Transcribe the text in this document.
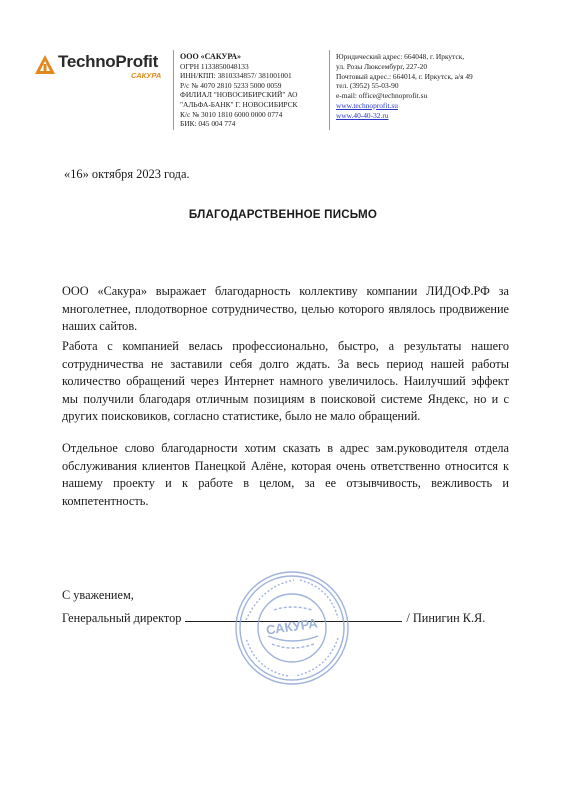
TechnoProfit
САКУРА
ООО «САКУРА»
ОГРН 1133850048133
ИНН/КПП: 3810334857/ 381001001
Р/с № 4070 2810 5233 5000 0059
ФИЛИАЛ "НОВОСИБИРСКИЙ" АО
"АЛЬФА-БАНК" Г. НОВОСИБИРСК
К/с № 3010 1810 6000 0000 0774
БИК: 045 004 774
Юридический адрес: 664048, г. Иркутск,
ул. Розы Люксембург, 227-20
Почтовый адрес.: 664014, г. Иркутск, а/я 49
тел. (3952) 55-03-90
e-mail: office@technoprofit.su
www.technoprofit.su
www.40-40-32.ru
«16» октября 2023 года.
БЛАГОДАРСТВЕННОЕ ПИСЬМО

ООО «Сакура» выражает благодарность коллективу компании ЛИДОФ.РФ за многолетнее, плодотворное сотрудничество, целью которого являлось продвижение наших сайтов.

Работа с компанией велась профессионально, быстро, а результаты нашего сотрудничества не заставили себя долго ждать. За весь период нашей работы количество обращений через Интернет намного увеличилось. Наилучший эффект мы получили благодаря отличным позициям в поисковой системе Яндекс, но и с других поисковиков, согласно статистике, было не мало обращений.

Отдельное слово благодарности хотим сказать в адрес зам.руководителя отдела обслуживания клиентов Панецкой Алёне, которая очень ответственно относится к нашему проекту и к работе в целом, за ее отзывчивость, вежливость и компетентность.

С уважением,
Генеральный директор	/ Пинигин К.Я.
САКУРА
